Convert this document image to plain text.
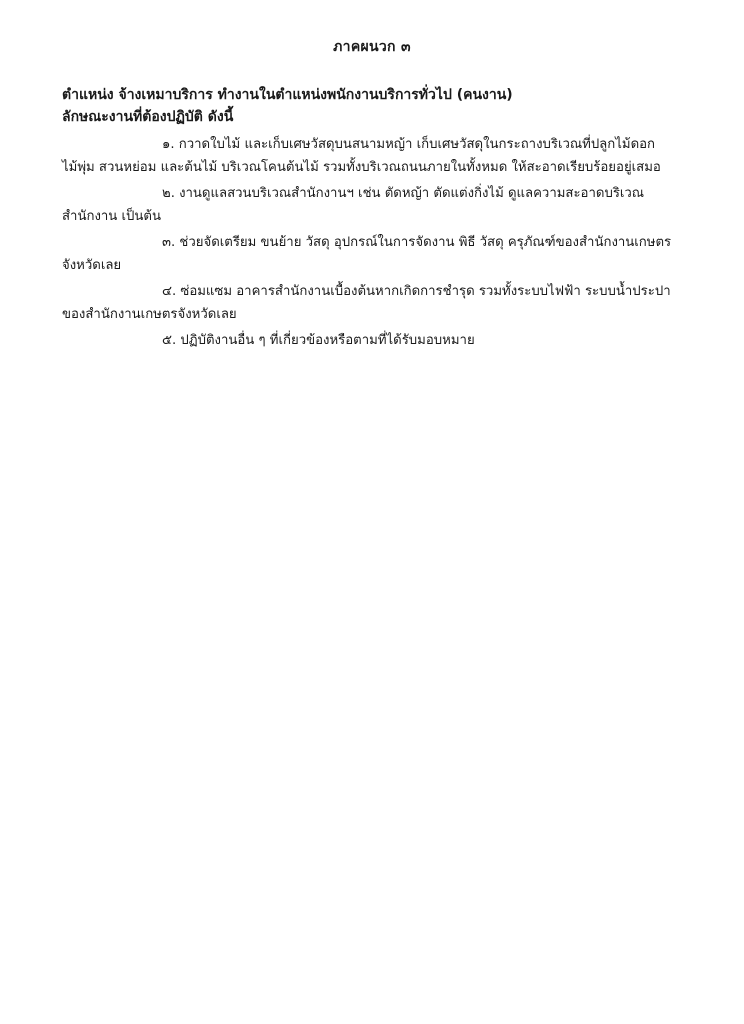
ภาคผนวก ๓
ตำแหน่ง จ้างเหมาบริการ ทำงานในตำแหน่งพนักงานบริการทั่วไป (คนงาน)
ลักษณะงานที่ต้องปฏิบัติ ดังนี้

๑. กวาดใบไม้ และเก็บเศษวัสดุบนสนามหญ้า เก็บเศษวัสดุในกระถางบริเวณที่ปลูกไม้ดอก
ไม้พุ่ม สวนหย่อม และต้นไม้ บริเวณโคนต้นไม้ รวมทั้งบริเวณถนนภายในทั้งหมด ให้สะอาดเรียบร้อยอยู่เสมอ

๒. งานดูแลสวนบริเวณสำนักงานฯ เช่น ตัดหญ้า ตัดแต่งกิ่งไม้ ดูแลความสะอาดบริเวณ
สำนักงาน เป็นต้น

๓. ช่วยจัดเตรียม ขนย้าย วัสดุ อุปกรณ์ในการจัดงาน พิธี วัสดุ ครุภัณฑ์ของสำนักงานเกษตร
จังหวัดเลย

๔. ซ่อมแซม อาคารสำนักงานเบื้องต้นหากเกิดการชำรุด รวมทั้งระบบไฟฟ้า ระบบน้ำประปา
ของสำนักงานเกษตรจังหวัดเลย

๕. ปฏิบัติงานอื่น ๆ ที่เกี่ยวข้องหรือตามที่ได้รับมอบหมาย
